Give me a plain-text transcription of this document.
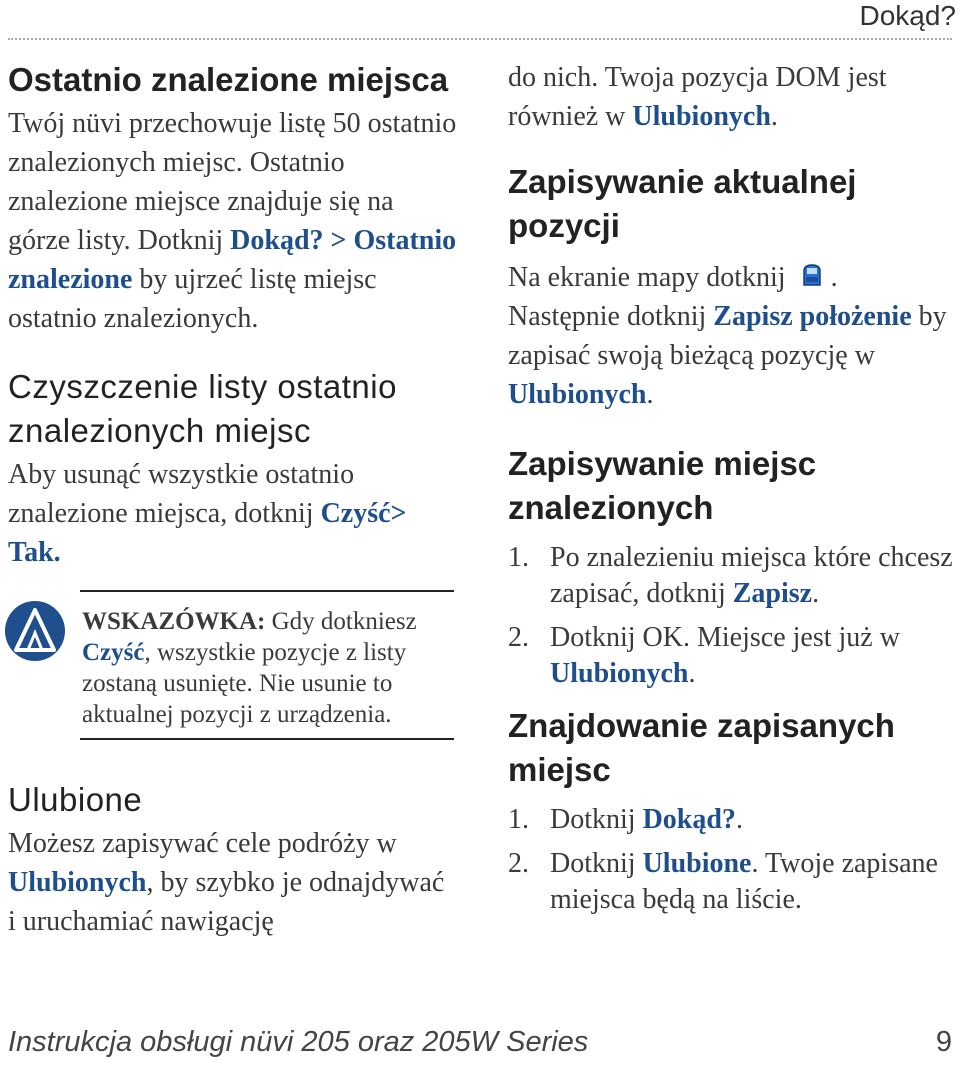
Dokąd?
Ostatnio znalezione miejsca

Twój nüvi przechowuje listę 50 ostatnio znalezionych miejsc. Ostatnio znalezione miejsce znajduje się na górze listy. Dotknij Dokąd? > Ostatnio znalezione by ujrzeć listę miejsc ostatnio znalezionych.

Czyszczenie listy ostatnio znalezionych miejsc

Aby usunąć wszystkie ostatnio znalezione miejsca, dotknij Czyść> Tak.

WSKAZÓWKA: Gdy dotkniesz Czyść, wszystkie pozycje z listy zostaną usunięte. Nie usunie to aktualnej pozycji z urządzenia.

Ulubione

Możesz zapisywać cele podróży w Ulubionych, by szybko je odnajdywać i uruchamiać nawigację

do nich. Twoja pozycja DOM jest również w Ulubionych.

Zapisywanie aktualnej pozycji

Na ekranie mapy dotknij . Następnie dotknij Zapisz położenie by zapisać swoją bieżącą pozycję w Ulubionych.

Zapisywanie miejsc znalezionych
1. Po znalezieniu miejsca które chcesz zapisać, dotknij Zapisz.
2. Dotknij OK. Miejsce jest już w Ulubionych.
Znajdowanie zapisanych miejsc
1. Dotknij Dokąd?.
2. Dotknij Ulubione. Twoje zapisane miejsca będą na liście.
Instrukcja obsługi nüvi 205 oraz 205W Series	9
